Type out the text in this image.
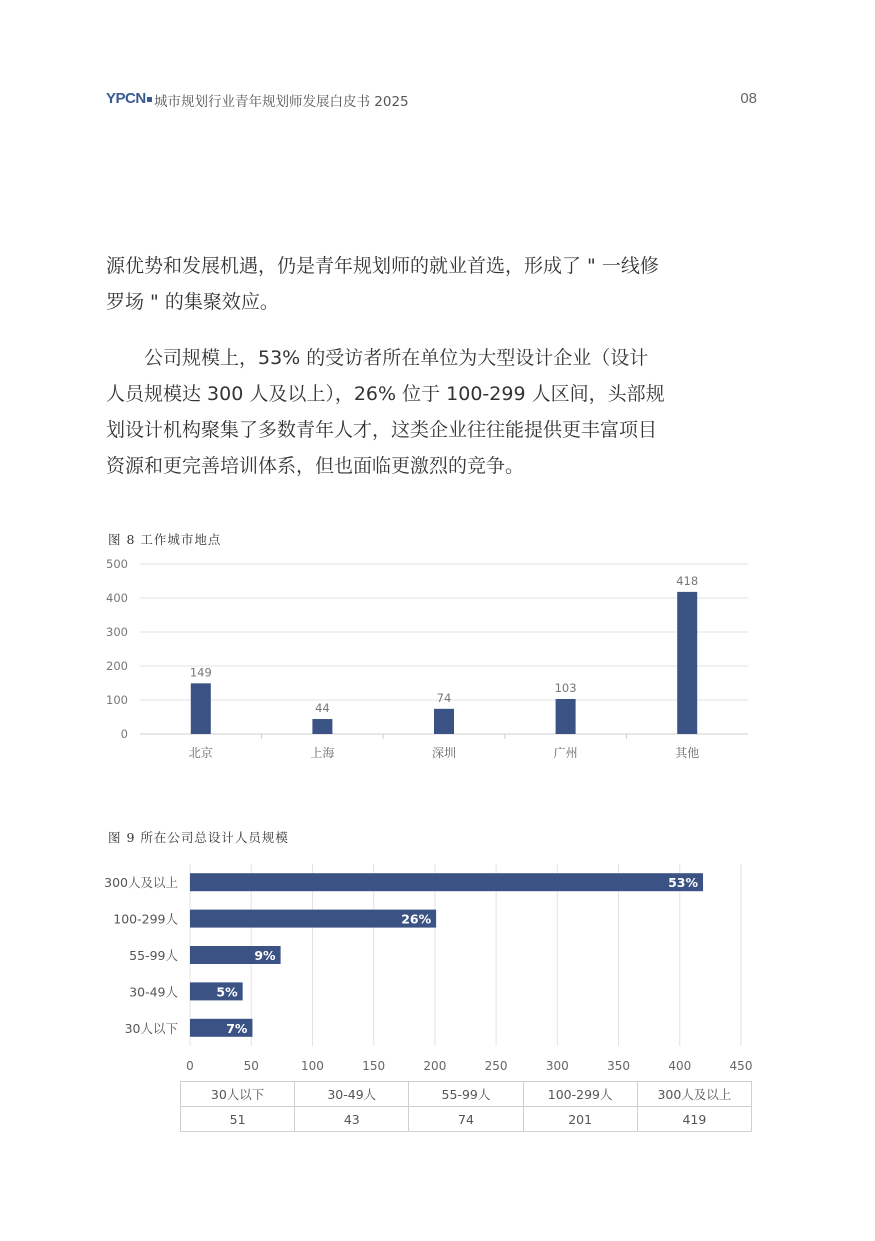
YPCN 城市规划行业青年规划师发展白皮书 2025	08

源优势和发展机遇，仍是青年规划师的就业首选，形成了 " 一线修罗场 " 的集聚效应。

公司规模上，53% 的受访者所在单位为大型设计企业（设计人员规模达 300 人及以上），26% 位于 100-299 人区间，头部规划设计机构聚集了多数青年人才，这类企业往往能提供更丰富项目资源和更完善培训体系，但也面临更激烈的竞争。

图 8 工作城市地点
0
100
200
300
400
500
149
北京
44
上海
74
深圳
103
广州
418
其他
图 9 所在公司总设计人员规模
0	50	100	150	200	250	300	350	400	450
53%
300人及以上
26%
100-299人
9%
55-99人
5%
30-49人
7%
30人以下
30人以下	30-49人	55-99人	100-299人	300人及以上
51	43	74	201	419
